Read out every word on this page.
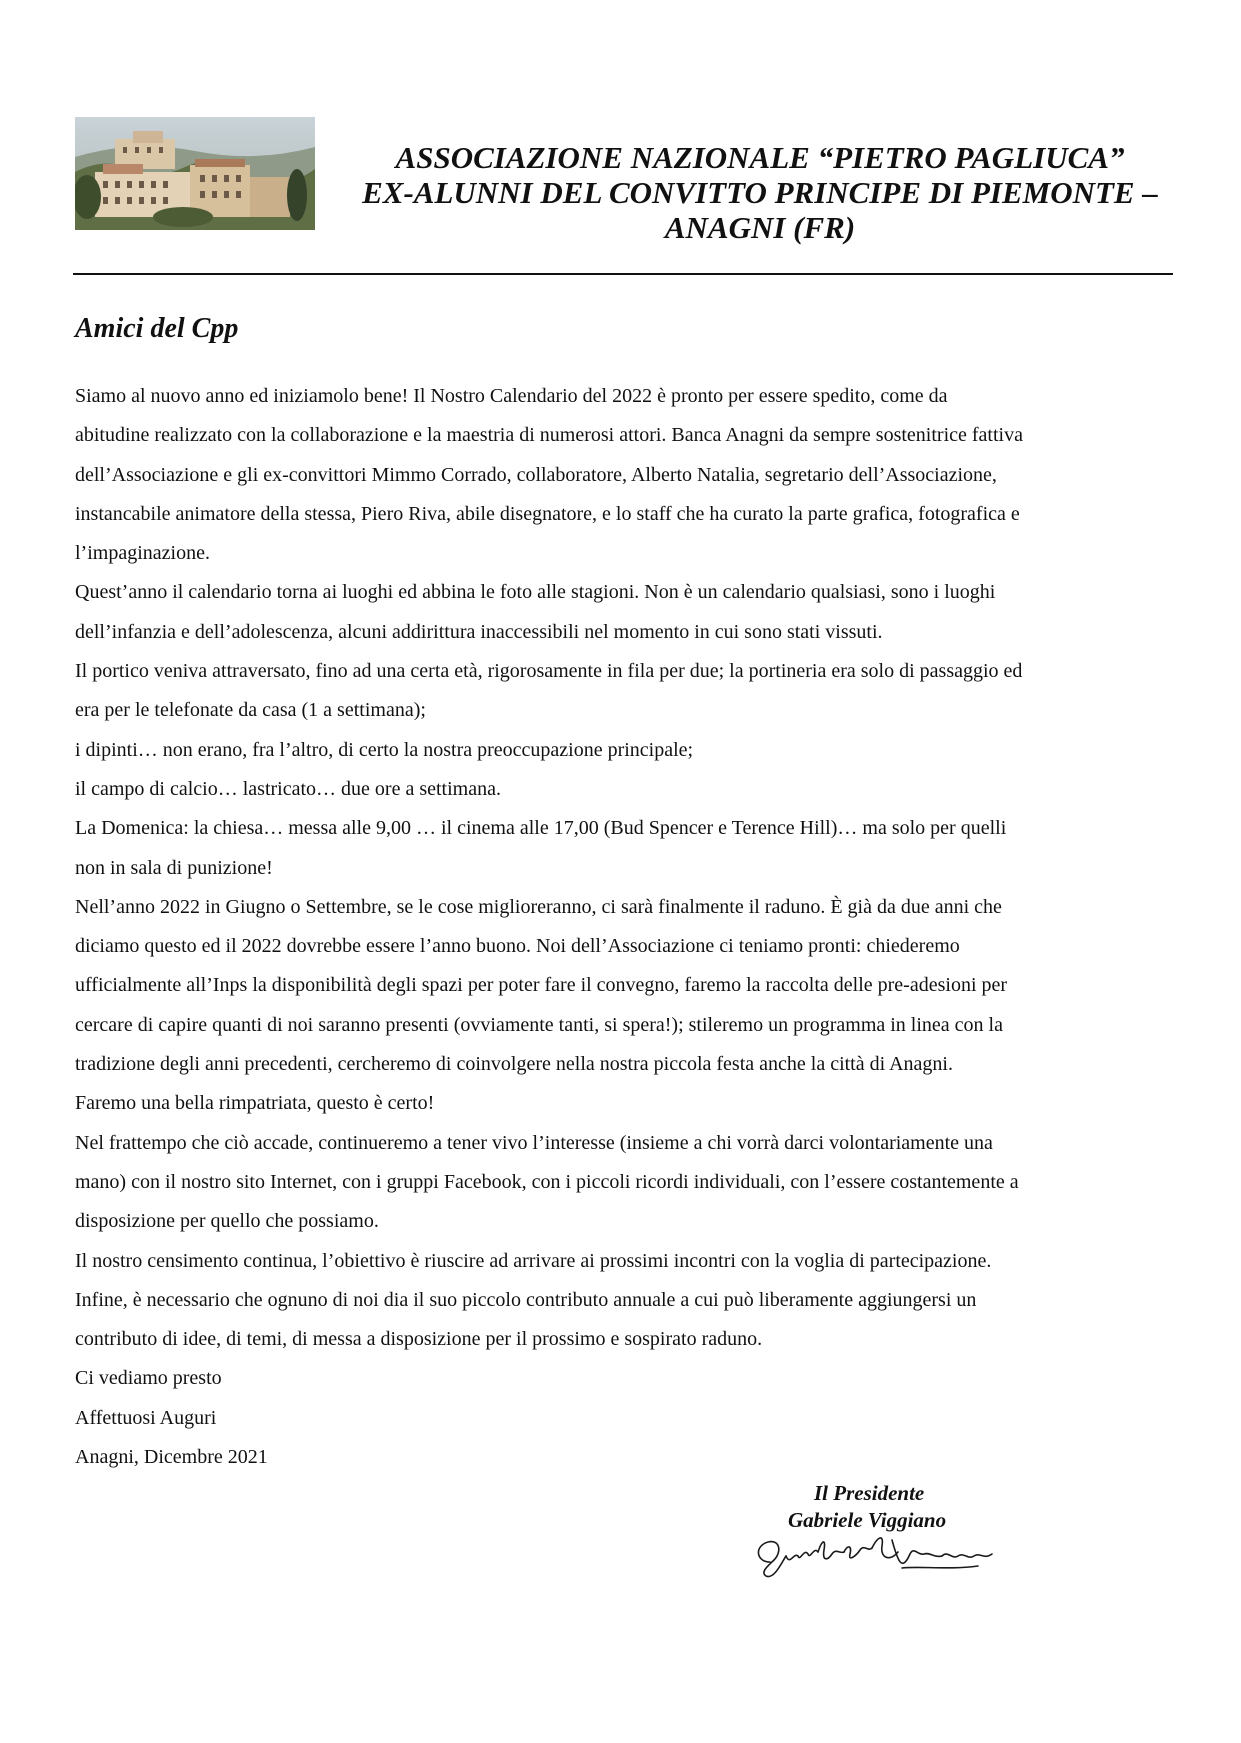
ASSOCIAZIONE NAZIONALE “PIETRO PAGLIUCA”
EX-ALUNNI DEL CONVITTO PRINCIPE DI PIEMONTE –
ANAGNI (FR)
Amici del Cpp
Siamo al nuovo anno ed iniziamolo bene! Il Nostro Calendario del 2022 è pronto per essere spedito, come da
abitudine realizzato con la collaborazione e la maestria di numerosi attori. Banca Anagni da sempre sostenitrice fattiva
dell’Associazione e gli ex-convittori Mimmo Corrado, collaboratore, Alberto Natalia, segretario dell’Associazione,
instancabile animatore della stessa, Piero Riva, abile disegnatore, e lo staff che ha curato la parte grafica, fotografica e
l’impaginazione.
Quest’anno il calendario torna ai luoghi ed abbina le foto alle stagioni. Non è un calendario qualsiasi, sono i luoghi
dell’infanzia e dell’adolescenza, alcuni addirittura inaccessibili nel momento in cui sono stati vissuti.
Il portico veniva attraversato, fino ad una certa età, rigorosamente in fila per due; la portineria era solo di passaggio ed
era per le telefonate da casa (1 a settimana);
i dipinti… non erano, fra l’altro, di certo la nostra preoccupazione principale;
il campo di calcio… lastricato… due ore a settimana.
La Domenica: la chiesa… messa alle 9,00 … il cinema alle 17,00 (Bud Spencer e Terence Hill)… ma solo per quelli
non in sala di punizione!
Nell’anno 2022 in Giugno o Settembre, se le cose miglioreranno, ci sarà finalmente il raduno. È già da due anni che
diciamo questo ed il 2022 dovrebbe essere l’anno buono. Noi dell’Associazione ci teniamo pronti: chiederemo
ufficialmente all’Inps la disponibilità degli spazi per poter fare il convegno, faremo la raccolta delle pre-adesioni per
cercare di capire quanti di noi saranno presenti (ovviamente tanti, si spera!); stileremo un programma in linea con la
tradizione degli anni precedenti, cercheremo di coinvolgere nella nostra piccola festa anche la città di Anagni.
Faremo una bella rimpatriata, questo è certo!
Nel frattempo che ciò accade, continueremo a tener vivo l’interesse (insieme a chi vorrà darci volontariamente una
mano) con il nostro sito Internet, con i gruppi Facebook, con i piccoli ricordi individuali, con l’essere costantemente a
disposizione per quello che possiamo.
Il nostro censimento continua, l’obiettivo è riuscire ad arrivare ai prossimi incontri con la voglia di partecipazione.
Infine, è necessario che ognuno di noi dia il suo piccolo contributo annuale a cui può liberamente aggiungersi un
contributo di idee, di temi, di messa a disposizione per il prossimo e sospirato raduno.
Ci vediamo presto
Affettuosi Auguri
Anagni, Dicembre 2021
Il Presidente
Gabriele Viggiano
